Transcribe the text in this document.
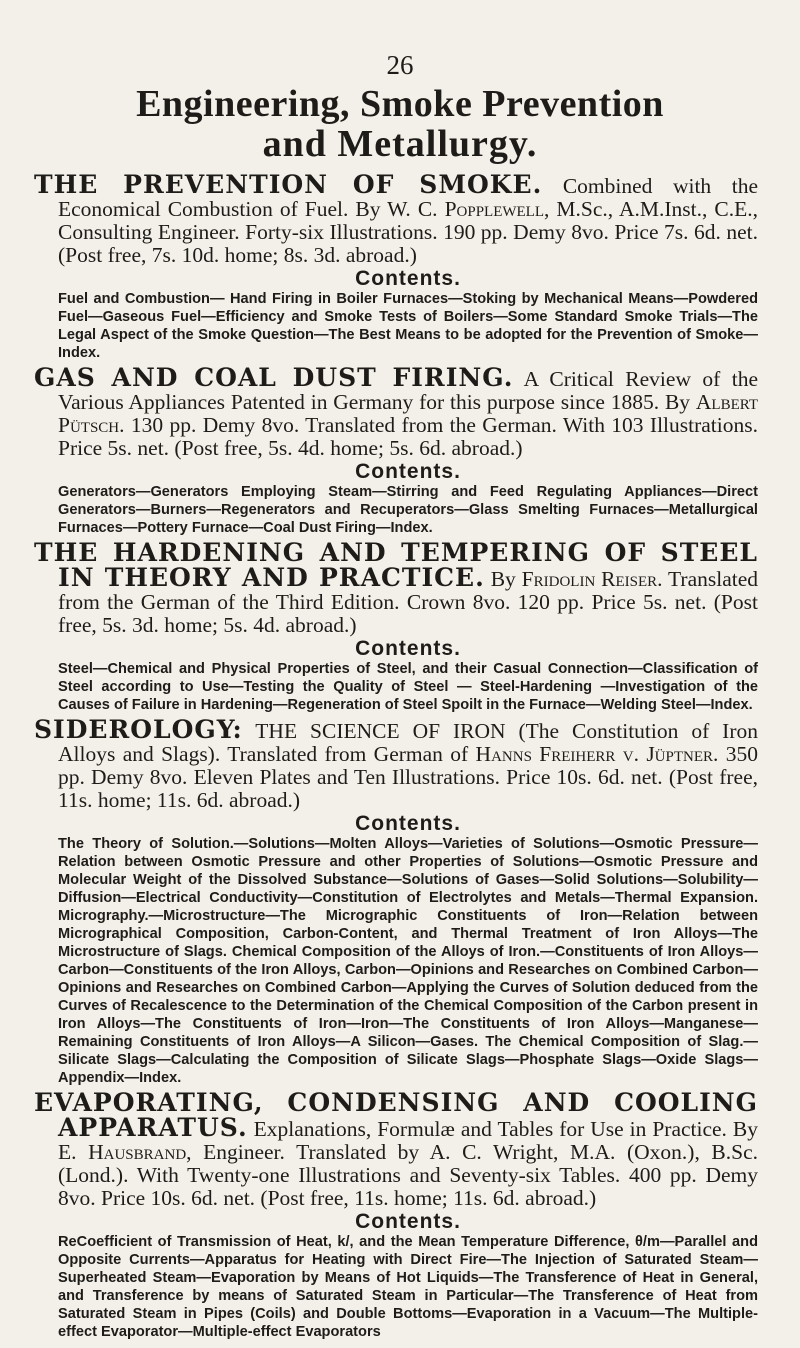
26
Engineering, Smoke Prevention
and Metallurgy.

THE PREVENTION OF SMOKE. Combined with the Economical Combustion of Fuel. By W. C. Popplewell, M.Sc., A.M.Inst., C.E., Consulting Engineer. Forty-six Illustrations. 190 pp. Demy 8vo. Price 7s. 6d. net. (Post free, 7s. 10d. home; 8s. 3d. abroad.)

Contents.

Fuel and Combustion— Hand Firing in Boiler Furnaces—Stoking by Mechanical Means—Powdered Fuel—Gaseous Fuel—Efficiency and Smoke Tests of Boilers—Some Standard Smoke Trials—The Legal Aspect of the Smoke Question—The Best Means to be adopted for the Prevention of Smoke—Index.

GAS AND COAL DUST FIRING. A Critical Review of the Various Appliances Patented in Germany for this purpose since 1885. By Albert Pütsch. 130 pp. Demy 8vo. Translated from the German. With 103 Illustrations. Price 5s. net. (Post free, 5s. 4d. home; 5s. 6d. abroad.)

Contents.

Generators—Generators Employing Steam—Stirring and Feed Regulating Appliances—Direct Generators—Burners—Regenerators and Recuperators—Glass Smelting Furnaces—Metallurgical Furnaces—Pottery Furnace—Coal Dust Firing—Index.

THE HARDENING AND TEMPERING OF STEEL IN THEORY AND PRACTICE. By Fridolin Reiser. Translated from the German of the Third Edition. Crown 8vo. 120 pp. Price 5s. net. (Post free, 5s. 3d. home; 5s. 4d. abroad.)

Contents.

Steel—Chemical and Physical Properties of Steel, and their Casual Connection—Classification of Steel according to Use—Testing the Quality of Steel — Steel-Hardening —Investigation of the Causes of Failure in Hardening—Regeneration of Steel Spoilt in the Furnace—Welding Steel—Index.

SIDEROLOGY: THE SCIENCE OF IRON (The Constitution of Iron Alloys and Slags). Translated from German of Hanns Freiherr v. Jüptner. 350 pp. Demy 8vo. Eleven Plates and Ten Illustrations. Price 10s. 6d. net. (Post free, 11s. home; 11s. 6d. abroad.)

Contents.

The Theory of Solution.—Solutions—Molten Alloys—Varieties of Solutions—Osmotic Pressure—Relation between Osmotic Pressure and other Properties of Solutions—Osmotic Pressure and Molecular Weight of the Dissolved Substance—Solutions of Gases—Solid Solutions—Solubility—Diffusion—Electrical Conductivity—Constitution of Electrolytes and Metals—Thermal Expansion. Micrography.—Microstructure—The Micrographic Constituents of Iron—Relation between Micrographical Composition, Carbon-Content, and Thermal Treatment of Iron Alloys—The Microstructure of Slags. Chemical Composition of the Alloys of Iron.—Constituents of Iron Alloys—Carbon—Constituents of the Iron Alloys, Carbon—Opinions and Researches on Combined Carbon—Opinions and Researches on Combined Carbon—Applying the Curves of Solution deduced from the Curves of Recalescence to the Determination of the Chemical Composition of the Carbon present in Iron Alloys—The Constituents of Iron—Iron—The Constituents of Iron Alloys—Manganese—Remaining Constituents of Iron Alloys—A Silicon—Gases. The Chemical Composition of Slag.—Silicate Slags—Calculating the Composition of Silicate Slags—Phosphate Slags—Oxide Slags—Appendix—Index.

EVAPORATING, CONDENSING AND COOLING APPARATUS. Explanations, Formulæ and Tables for Use in Practice. By E. Hausbrand, Engineer. Translated by A. C. Wright, M.A. (Oxon.), B.Sc. (Lond.). With Twenty-one Illustrations and Seventy-six Tables. 400 pp. Demy 8vo. Price 10s. 6d. net. (Post free, 11s. home; 11s. 6d. abroad.)

Contents.

ReCoefficient of Transmission of Heat, k/, and the Mean Temperature Difference, θ/m—Parallel and Opposite Currents—Apparatus for Heating with Direct Fire—The Injection of Saturated Steam—Superheated Steam—Evaporation by Means of Hot Liquids—The Transference of Heat in General, and Transference by means of Saturated Steam in Particular—The Transference of Heat from Saturated Steam in Pipes (Coils) and Double Bottoms—Evaporation in a Vacuum—The Multiple-effect Evaporator—Multiple-effect Evaporators
